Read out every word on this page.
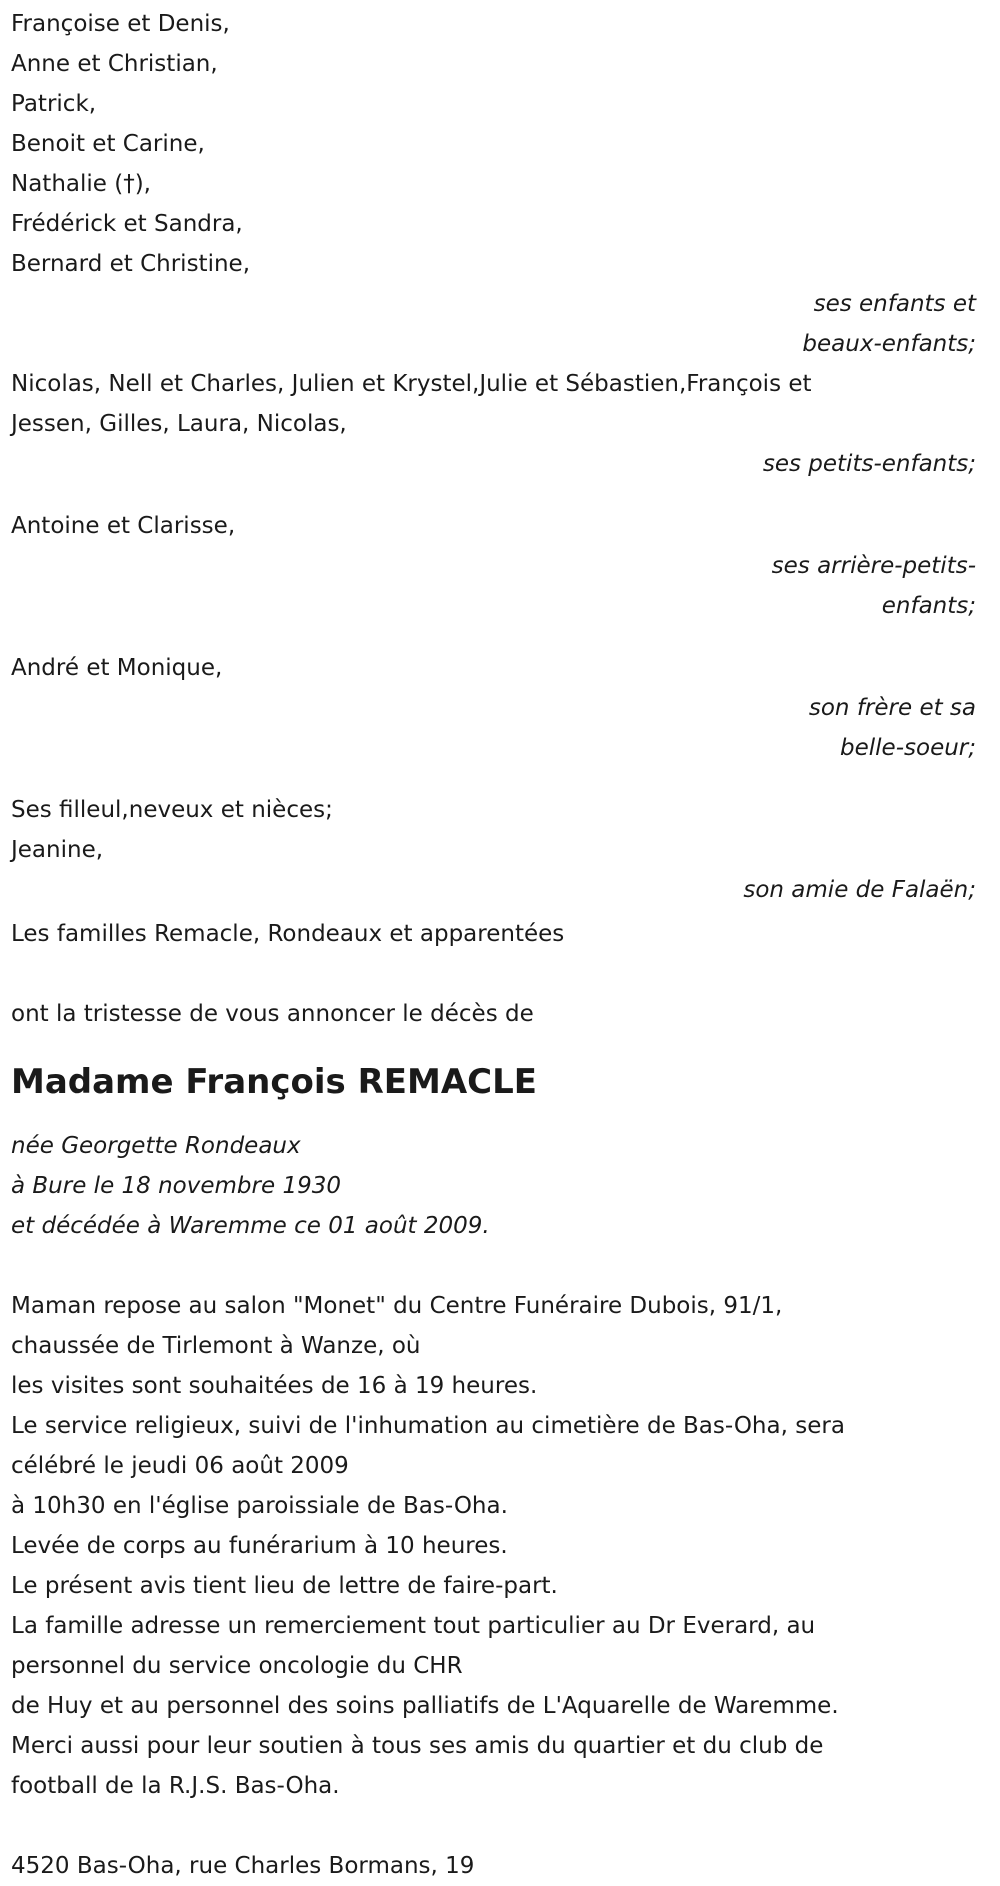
Françoise et Denis,
Anne et Christian,
Patrick,
Benoit et Carine,
Nathalie (†),
Frédérick et Sandra,
Bernard et Christine,
ses enfants et
beaux-enfants;
Nicolas, Nell et Charles, Julien et Krystel,Julie et Sébastien,François et
Jessen, Gilles, Laura, Nicolas,
ses petits-enfants;
Antoine et Clarisse,
ses arrière-petits-
enfants;
André et Monique,
son frère et sa
belle-soeur;
Ses filleul,neveux et nièces;
Jeanine,
son amie de Falaën;
Les familles Remacle, Rondeaux et apparentées
ont la tristesse de vous annoncer le décès de
Madame François REMACLE
née Georgette Rondeaux
à Bure le 18 novembre 1930
et décédée à Waremme ce 01 août 2009.
Maman repose au salon "Monet" du Centre Funéraire Dubois, 91/1,
chaussée de Tirlemont à Wanze, où
les visites sont souhaitées de 16 à 19 heures.
Le service religieux, suivi de l'inhumation au cimetière de Bas-Oha, sera
célébré le jeudi 06 août 2009
à 10h30 en l'église paroissiale de Bas-Oha.
Levée de corps au funérarium à 10 heures.
Le présent avis tient lieu de lettre de faire-part.
La famille adresse un remerciement tout particulier au Dr Everard, au
personnel du service oncologie du CHR
de Huy et au personnel des soins palliatifs de L'Aquarelle de Waremme.
Merci aussi pour leur soutien à tous ses amis du quartier et du club de
football de la R.J.S. Bas-Oha.
4520 Bas-Oha, rue Charles Bormans, 19
